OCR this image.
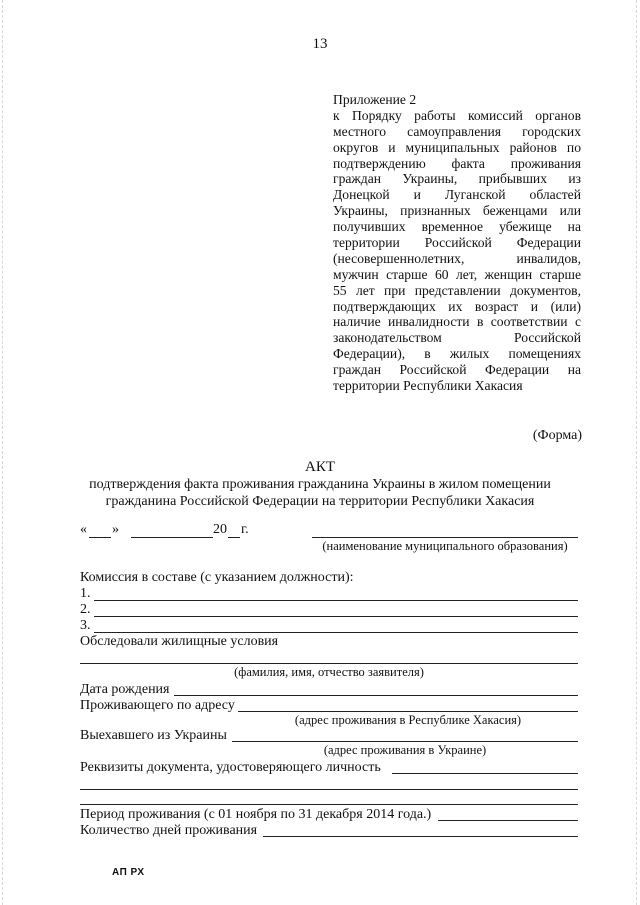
13
Приложение 2
к Порядку работы комиссий органов
местного самоуправления городских
округов и муниципальных районов по
подтверждению факта проживания
граждан Украины, прибывших из
Донецкой и Луганской областей
Украины, признанных беженцами или
получивших временное убежище на
территории Российской Федерации
(несовершеннолетних, инвалидов,
мужчин старше 60 лет, женщин старше
55 лет при представлении документов,
подтверждающих их возраст и (или)
наличие инвалидности в соответствии с
законодательством Российской
Федерации), в жилых помещениях
граждан Российской Федерации на
территории Республики Хакасия
(Форма)
АКТ
подтверждения факта проживания гражданина Украины в жилом помещении
гражданина Российской Федерации на территории Республики Хакасия
« »	20 г.
(наименование муниципального образования)
Комиссия в составе (с указанием должности):
1.
2.
3.
Обследовали жилищные условия
(фамилия, имя, отчество заявителя)
Дата рождения
Проживающего по адресу
(адрес проживания в Республике Хакасия)
Выехавшего из Украины
(адрес проживания в Украине)
Реквизиты документа, удостоверяющего личность
Период проживания (с 01 ноября по 31 декабря 2014 года.)
Количество дней проживания
АП РХ
